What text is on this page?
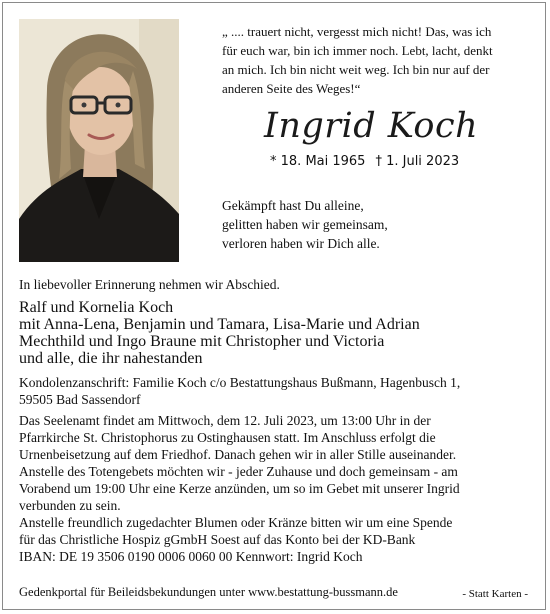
„ .... trauert nicht, vergesst mich nicht! Das, was ich
für euch war, bin ich immer noch. Lebt, lacht, denkt
an mich. Ich bin nicht weit weg. Ich bin nur auf der
anderen Seite des Weges!“
Ingrid Koch
* 18. Mai 1965 † 1. Juli 2023
Gekämpft hast Du alleine,
gelitten haben wir gemeinsam,
verloren haben wir Dich alle.

In liebevoller Erinnerung nehmen wir Abschied.

Ralf und Kornelia Koch

mit Anna-Lena, Benjamin und Tamara, Lisa-Marie und Adrian

Mechthild und Ingo Braune mit Christopher und Victoria

und alle, die ihr nahestanden

Kondolenzanschrift: Familie Koch c/o Bestattungshaus Bußmann, Hagenbusch 1,

59505 Bad Sassendorf

Das Seelenamt findet am Mittwoch, dem 12. Juli 2023, um 13:00 Uhr in der

Pfarrkirche St. Christophorus zu Ostinghausen statt. Im Anschluss erfolgt die

Urnenbeisetzung auf dem Friedhof. Danach gehen wir in aller Stille auseinander.

Anstelle des Totengebets möchten wir - jeder Zuhause und doch gemeinsam - am

Vorabend um 19:00 Uhr eine Kerze anzünden, um so im Gebet mit unserer Ingrid

verbunden zu sein.

Anstelle freundlich zugedachter Blumen oder Kränze bitten wir um eine Spende

für das Christliche Hospiz gGmbH Soest auf das Konto bei der KD-Bank

IBAN: DE 19 3506 0190 0006 0060 00 Kennwort: Ingrid Koch

Gedenkportal für Beileidsbekundungen unter www.bestattung-bussmann.de	- Statt Karten -
